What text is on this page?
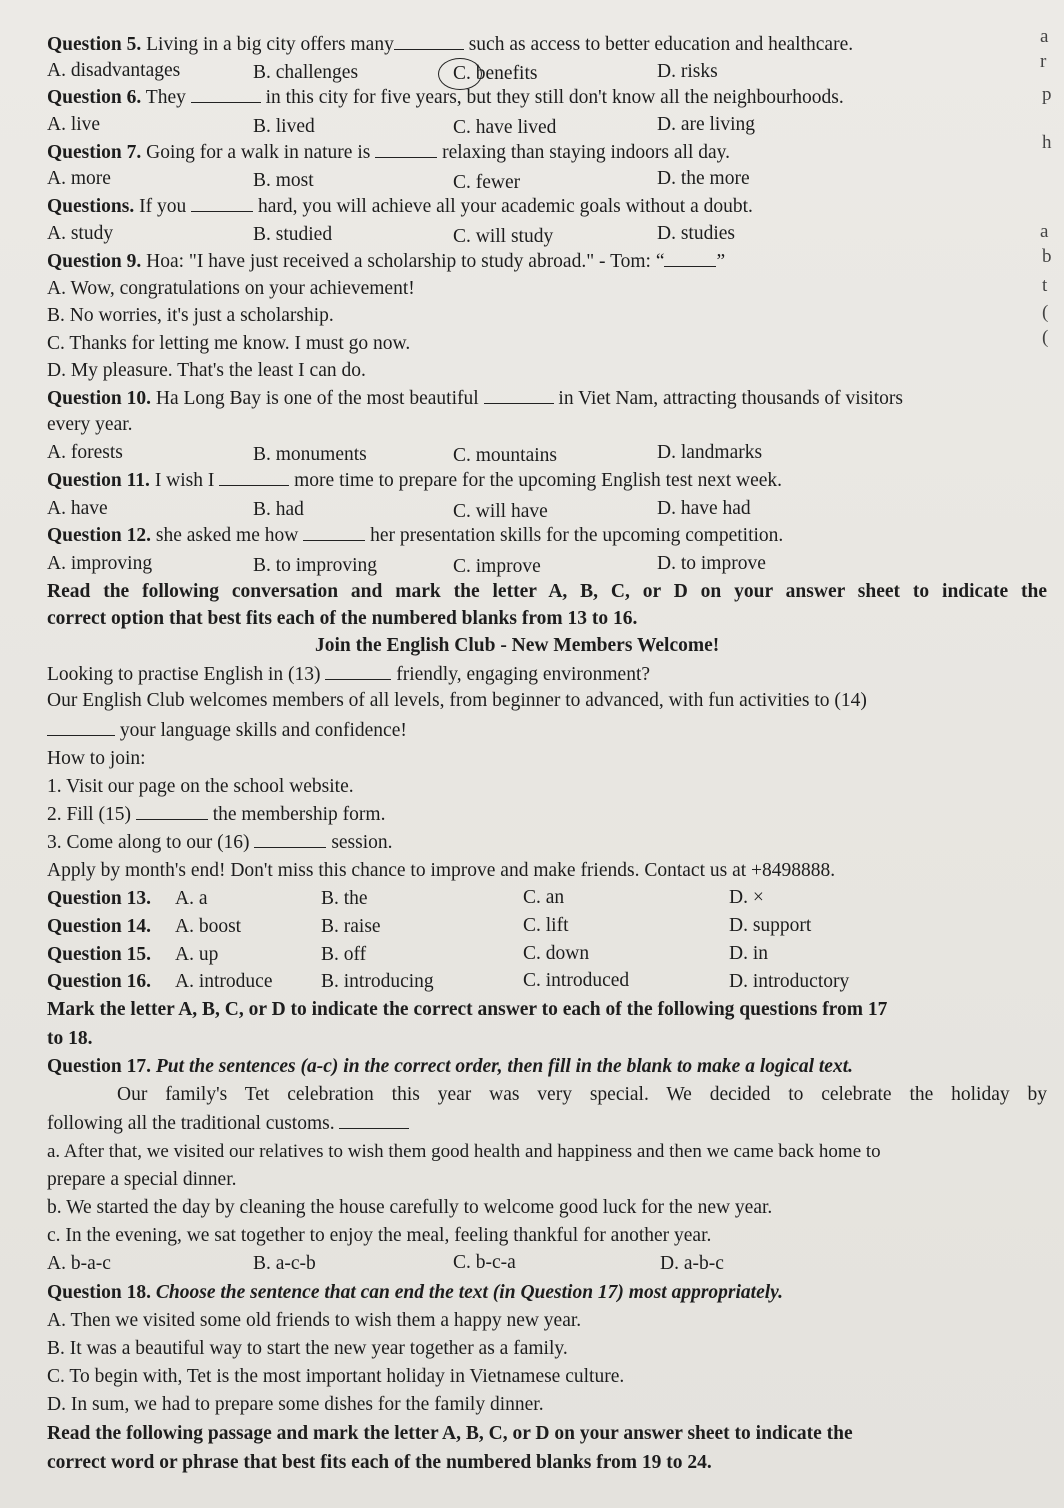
Question 5. Living in a big city offers many	such as access to better education and healthcare.
A. disadvantages	B. challenges	C. benefits	D. risks
Question 6. They	in this city for five years, but they still don't know all the neighbourhoods.
A. live	B. lived	C. have lived	D. are living
Question 7. Going for a walk in nature is	relaxing than staying indoors all day.
A. more	B. most	C. fewer	D. the more
Questions. If you	hard, you will achieve all your academic goals without a doubt.
A. study	B. studied	C. will study	D. studies
Question 9. Hoa: "I have just received a scholarship to study abroad." - Tom: “	”
A. Wow, congratulations on your achievement!
B. No worries, it's just a scholarship.
C. Thanks for letting me know. I must go now.
D. My pleasure. That's the least I can do.
Question 10. Ha Long Bay is one of the most beautiful	in Viet Nam, attracting thousands of visitors
every year.
A. forests	B. monuments	C. mountains	D. landmarks
Question 11. I wish I	more time to prepare for the upcoming English test next week.
A. have	B. had	C. will have	D. have had
Question 12. she asked me how	her presentation skills for the upcoming competition.
A. improving	B. to improving	C. improve	D. to improve
Read the following conversation and mark the letter A, B, C, or D on your answer sheet to indicate the
correct option that best fits each of the numbered blanks from 13 to 16.
Join the English Club - New Members Welcome!
Looking to practise English in (13)	friendly, engaging environment?
Our English Club welcomes members of all levels, from beginner to advanced, with fun activities to (14)
your language skills and confidence!
How to join:
1. Visit our page on the school website.
2. Fill (15)	the membership form.
3. Come along to our (16)	session.
Apply by month's end! Don't miss this chance to improve and make friends. Contact us at +8498888.
Question 13. A. a	B. the	C. an	D. ×
Question 14. A. boost	B. raise	C. lift	D. support
Question 15. A. up	B. off	C. down	D. in
Question 16. A. introduce B. introducing	C. introduced	D. introductory
Mark the letter A, B, C, or D to indicate the correct answer to each of the following questions from 17
to 18.
Question 17. Put the sentences (a-c) in the correct order, then fill in the blank to make a logical text.
Our family's Tet celebration this year was very special. We decided to celebrate the holiday by
following all the traditional customs.
a. After that, we visited our relatives to wish them good health and happiness and then we came back home to
prepare a special dinner.
b. We started the day by cleaning the house carefully to welcome good luck for the new year.
c. In the evening, we sat together to enjoy the meal, feeling thankful for another year.
A. b-a-c	B. a-c-b	C. b-c-a	D. a-b-c
Question 18. Choose the sentence that can end the text (in Question 17) most appropriately.
A. Then we visited some old friends to wish them a happy new year.
B. It was a beautiful way to start the new year together as a family.
C. To begin with, Tet is the most important holiday in Vietnamese culture.
D. In sum, we had to prepare some dishes for the family dinner.
Read the following passage and mark the letter A, B, C, or D on your answer sheet to indicate the
correct word or phrase that best fits each of the numbered blanks from 19 to 24.
a
r
p
h
a
b
t
(
(
